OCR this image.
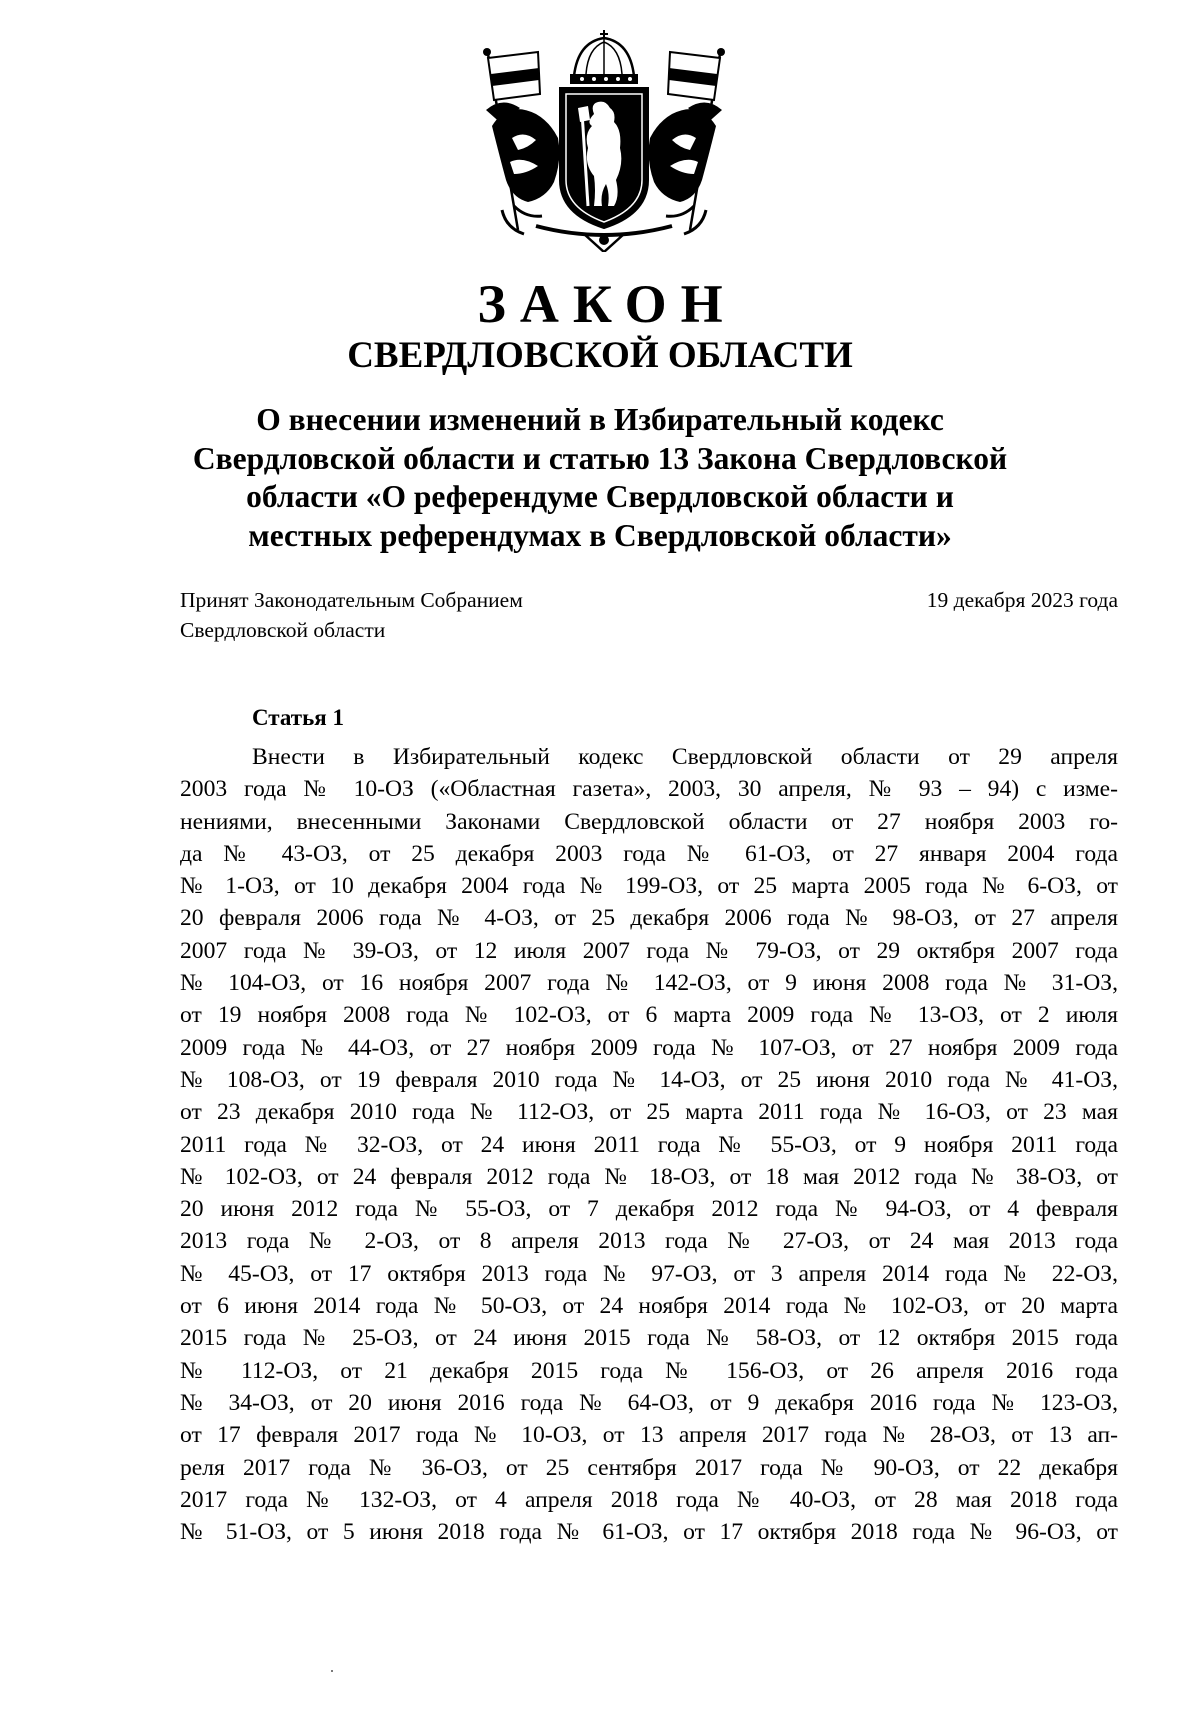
ЗАКОН
СВЕРДЛОВСКОЙ ОБЛАСТИ
О внесении изменений в Избирательный кодекс
Свердловской области и статью 13 Закона Свердловской
области «О референдуме Свердловской области и
местных референдумах в Свердловской области»
Принят Законодательным Собранием
Свердловской области
19 декабря 2023 года
Статья 1
Внести в Избирательный кодекс Свердловской области от 29 апреля
2003 года № 10-ОЗ («Областная газета», 2003, 30 апреля, № 93 – 94) с изме-
нениями, внесенными Законами Свердловской области от 27 ноября 2003 го-
да № 43-ОЗ, от 25 декабря 2003 года № 61-ОЗ, от 27 января 2004 года
№ 1-ОЗ, от 10 декабря 2004 года № 199-ОЗ, от 25 марта 2005 года № 6-ОЗ, от
20 февраля 2006 года № 4-ОЗ, от 25 декабря 2006 года № 98-ОЗ, от 27 апреля
2007 года № 39-ОЗ, от 12 июля 2007 года № 79-ОЗ, от 29 октября 2007 года
№ 104-ОЗ, от 16 ноября 2007 года № 142-ОЗ, от 9 июня 2008 года № 31-ОЗ,
от 19 ноября 2008 года № 102-ОЗ, от 6 марта 2009 года № 13-ОЗ, от 2 июля
2009 года № 44-ОЗ, от 27 ноября 2009 года № 107-ОЗ, от 27 ноября 2009 года
№ 108-ОЗ, от 19 февраля 2010 года № 14-ОЗ, от 25 июня 2010 года № 41-ОЗ,
от 23 декабря 2010 года № 112-ОЗ, от 25 марта 2011 года № 16-ОЗ, от 23 мая
2011 года № 32-ОЗ, от 24 июня 2011 года № 55-ОЗ, от 9 ноября 2011 года
№ 102-ОЗ, от 24 февраля 2012 года № 18-ОЗ, от 18 мая 2012 года № 38-ОЗ, от
20 июня 2012 года № 55-ОЗ, от 7 декабря 2012 года № 94-ОЗ, от 4 февраля
2013 года № 2-ОЗ, от 8 апреля 2013 года № 27-ОЗ, от 24 мая 2013 года
№ 45-ОЗ, от 17 октября 2013 года № 97-ОЗ, от 3 апреля 2014 года № 22-ОЗ,
от 6 июня 2014 года № 50-ОЗ, от 24 ноября 2014 года № 102-ОЗ, от 20 марта
2015 года № 25-ОЗ, от 24 июня 2015 года № 58-ОЗ, от 12 октября 2015 года
№ 112-ОЗ, от 21 декабря 2015 года № 156-ОЗ, от 26 апреля 2016 года
№ 34-ОЗ, от 20 июня 2016 года № 64-ОЗ, от 9 декабря 2016 года № 123-ОЗ,
от 17 февраля 2017 года № 10-ОЗ, от 13 апреля 2017 года № 28-ОЗ, от 13 ап-
реля 2017 года № 36-ОЗ, от 25 сентября 2017 года № 90-ОЗ, от 22 декабря
2017 года № 132-ОЗ, от 4 апреля 2018 года № 40-ОЗ, от 28 мая 2018 года
№ 51-ОЗ, от 5 июня 2018 года № 61-ОЗ, от 17 октября 2018 года № 96-ОЗ, от
